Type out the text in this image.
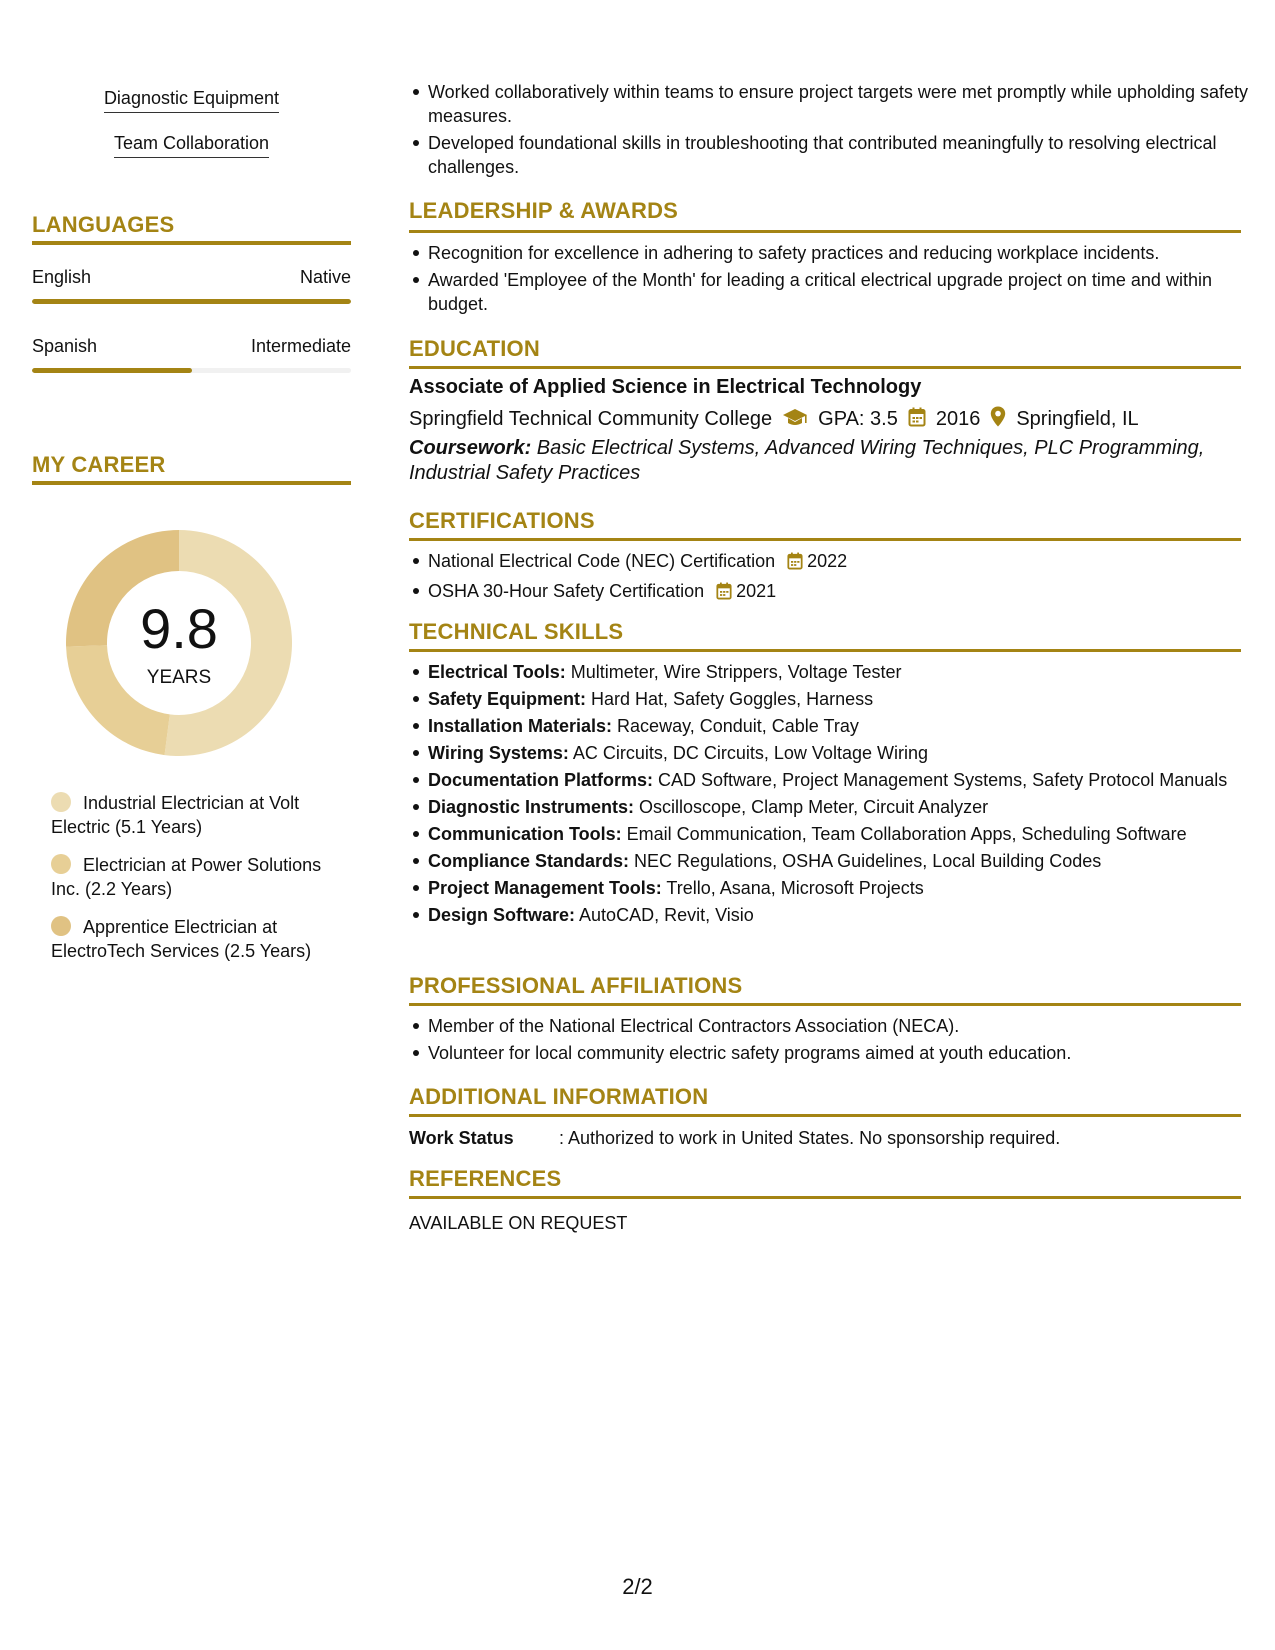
Diagnostic Equipment
Team Collaboration
LANGUAGES
English	Native
Spanish	Intermediate
MY CAREER
9.8
YEARS
Industrial Electrician at Volt Electric (5.1 Years)
Electrician at Power Solutions Inc. (2.2 Years)
Apprentice Electrician at ElectroTech Services (2.5 Years)
Worked collaboratively within teams to ensure project targets were met promptly while upholding safety measures.
Developed foundational skills in troubleshooting that contributed meaningfully to resolving electrical challenges.
LEADERSHIP & AWARDS
Recognition for excellence in adhering to safety practices and reducing workplace incidents.
Awarded 'Employee of the Month' for leading a critical electrical upgrade project on time and within budget.
EDUCATION
Associate of Applied Science in Electrical Technology
Springfield Technical Community College GPA: 3.5 2016 Springfield, IL
Coursework: Basic Electrical Systems, Advanced Wiring Techniques, PLC Programming, Industrial Safety Practices
CERTIFICATIONS
National Electrical Code (NEC) Certification 2022
OSHA 30-Hour Safety Certification 2021
TECHNICAL SKILLS
Electrical Tools: Multimeter, Wire Strippers, Voltage Tester
Safety Equipment: Hard Hat, Safety Goggles, Harness
Installation Materials: Raceway, Conduit, Cable Tray
Wiring Systems: AC Circuits, DC Circuits, Low Voltage Wiring
Documentation Platforms: CAD Software, Project Management Systems, Safety Protocol Manuals
Diagnostic Instruments: Oscilloscope, Clamp Meter, Circuit Analyzer
Communication Tools: Email Communication, Team Collaboration Apps, Scheduling Software
Compliance Standards: NEC Regulations, OSHA Guidelines, Local Building Codes
Project Management Tools: Trello, Asana, Microsoft Projects
Design Software: AutoCAD, Revit, Visio
PROFESSIONAL AFFILIATIONS
Member of the National Electrical Contractors Association (NECA).
Volunteer for local community electric safety programs aimed at youth education.
ADDITIONAL INFORMATION
Work Status	: Authorized to work in United States. No sponsorship required.
REFERENCES
AVAILABLE ON REQUEST
2/2
